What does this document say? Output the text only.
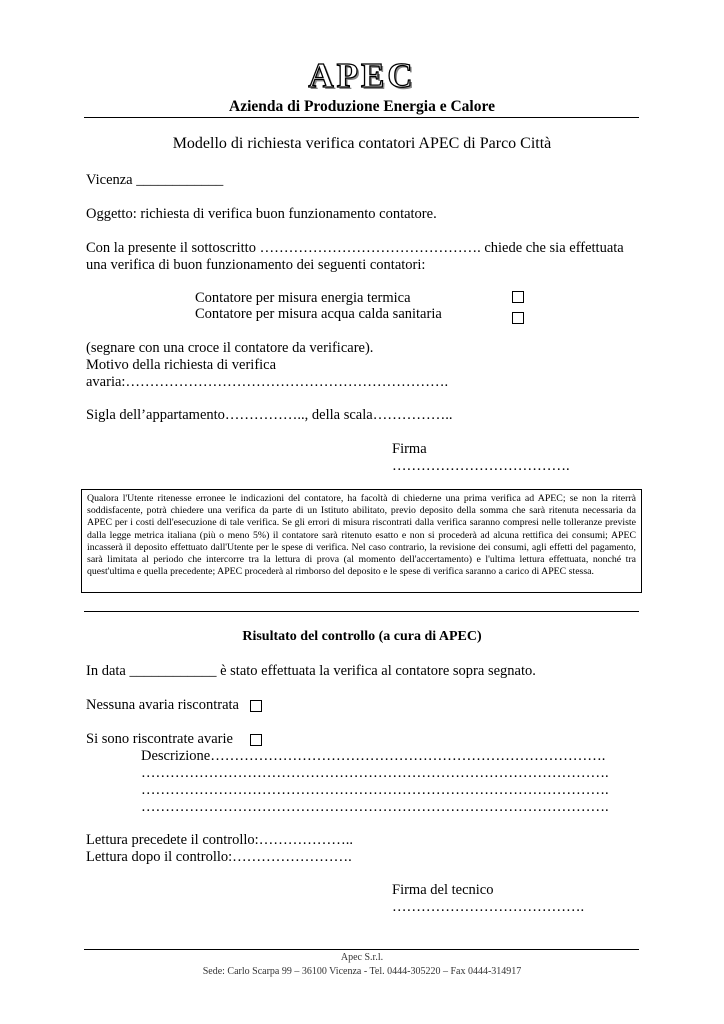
APEC
Azienda di Produzione Energia e Calore
Modello di richiesta verifica contatori APEC di Parco Città
Vicenza ____________
Oggetto: richiesta di verifica buon funzionamento contatore.
Con la presente il sottoscritto ………………………………………. chiede che sia effettuata
una verifica di buon funzionamento dei seguenti contatori:
Contatore per misura energia termica
Contatore per misura acqua calda sanitaria
(segnare con una croce il contatore da verificare).
Motivo della richiesta di verifica
avaria:………………………………………………………….
Sigla dell’appartamento…………….., della scala……………..
Firma
……………………………….
Qualora l'Utente ritenesse erronee le indicazioni del contatore, ha facoltà di chiederne una prima verifica ad APEC; se non la riterrà soddisfacente, potrà chiedere una verifica da parte di un Istituto abilitato, previo deposito della somma che sarà ritenuta necessaria da APEC per i costi dell'esecuzione di tale verifica. Se gli errori di misura riscontrati dalla verifica saranno compresi nelle tolleranze previste dalla legge metrica italiana (più o meno 5%) il contatore sarà ritenuto esatto e non si procederà ad alcuna rettifica dei consumi; APEC incasserà il deposito effettuato dall'Utente per le spese di verifica. Nel caso contrario, la revisione dei consumi, agli effetti del pagamento, sarà limitata al periodo che intercorre tra la lettura di prova (al momento dell'accertamento) e l'ultima lettura effettuata, nonché tra quest'ultima e quella precedente; APEC procederà al rimborso del deposito e le spese di verifica saranno a carico di APEC stessa.
Risultato del controllo (a cura di APEC)
In data ____________ è stato effettuata la verifica al contatore sopra segnato.
Nessuna avaria riscontrata
Si sono riscontrate avarie
Descrizione……………………………………………………………………….
…………………………………………………………………………………….
…………………………………………………………………………………….
…………………………………………………………………………………….
Lettura precedete il controllo:………………..
Lettura dopo il controllo:…………………….
Firma del tecnico
………………………………….
Apec S.r.l.
Sede: Carlo Scarpa 99 – 36100 Vicenza - Tel. 0444-305220 – Fax 0444-314917
